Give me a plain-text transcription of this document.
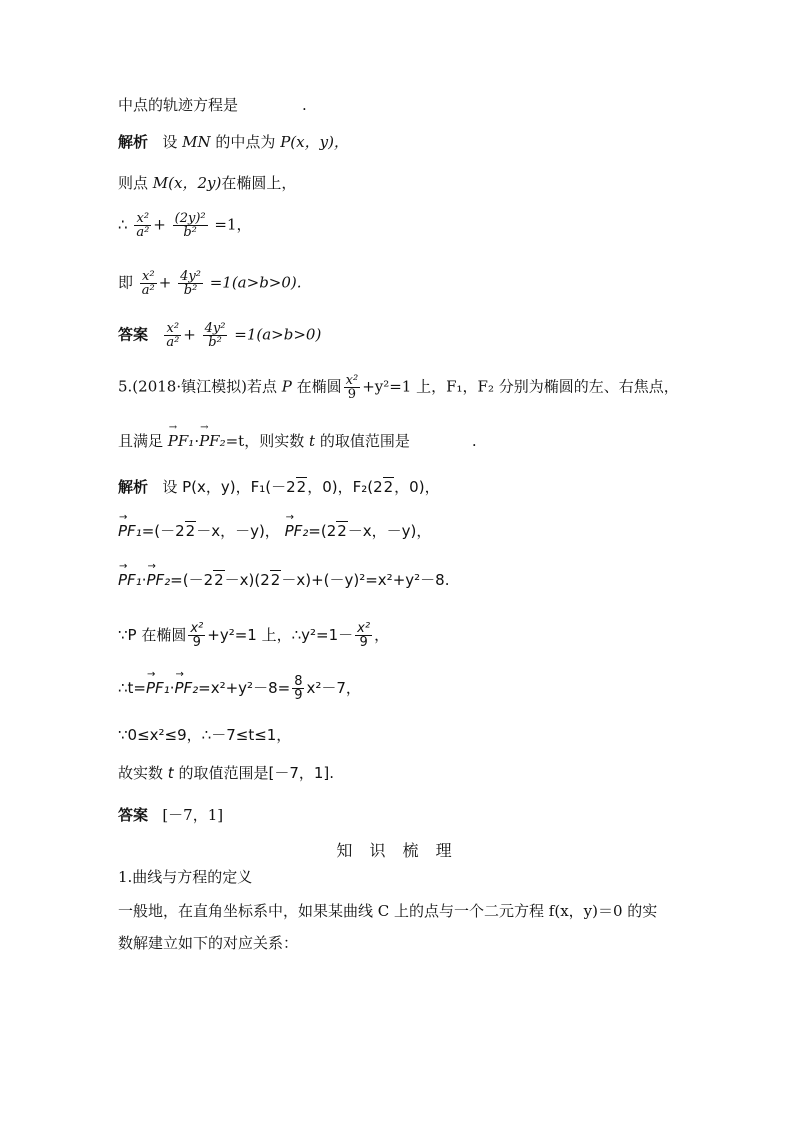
中点的轨迹方程是	.
解析 设 MN 的中点为 P(x，y)，
则点 M(x，2y)在椭圆上，
∴ $\frac{\text{x²}}{\text{a²}} + \frac{\text{(2y)²}}{\text{b²}} =1$，
即 $\frac{\text{x²}}{\text{a²}} + \frac{\text{4y²}}{\text{b²}} =1(a>b>0)$.
答案 $\frac{\text{x²}}{\text{a²}} + \frac{\text{4y²}}{\text{b²}} =1(a>b>0)$
5.(2018·镇江模拟)若点 P 在椭圆 $\frac{\text{x²}}{9} +y^2=1$ 上，F₁，F₂ 分别为椭圆的左、右焦点，
且满足 → PF₁·→ PF₂=t，则实数 t 的取值范围是	.
解析 设 P(x，y)，F₁(－22，0)，F₂(22，0)，
→ PF₁=(－22－x，－y)， → PF₂=(22－x，－y)，
→ PF₁·→ PF₂=(－22－x)(22－x)+(－y)²=x²+y²－8.
∵P 在椭圆 $\frac{\text{x²}}{9} +y^2=1$ 上，∴y²=1－ $\frac{\text{x²}}{9}$ ，
∴t=→ $PF_1\cdot\to PF_2=x^2+y^2-8= \frac{8}{9} x^2-7$，
∵0≤x²≤9，∴－7≤t≤1，
故实数 t 的取值范围是[－7，1].
答案 [－7，1]
知 识 梳 理
1.曲线与方程的定义
一般地，在直角坐标系中，如果某曲线 C 上的点与一个二元方程 f(x，y)＝0 的实
数解建立如下的对应关系：
